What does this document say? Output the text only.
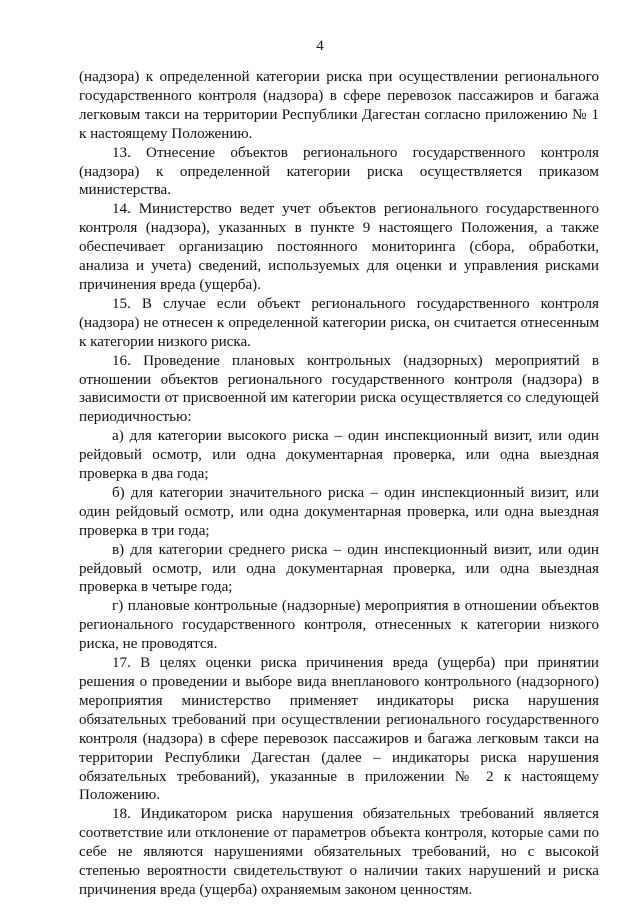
4

(надзора) к определенной категории риска при осуществлении регионального государственного контроля (надзора) в сфере перевозок пассажиров и багажа легковым такси на территории Республики Дагестан согласно приложению № 1 к настоящему Положению.

13. Отнесение объектов регионального государственного контроля (надзора) к определенной категории риска осуществляется приказом министерства.

14. Министерство ведет учет объектов регионального государственного контроля (надзора), указанных в пункте 9 настоящего Положения, а также обеспечивает организацию постоянного мониторинга (сбора, обработки, анализа и учета) сведений, используемых для оценки и управления рисками причинения вреда (ущерба).

15. В случае если объект регионального государственного контроля (надзора) не отнесен к определенной категории риска, он считается отнесенным к категории низкого риска.

16. Проведение плановых контрольных (надзорных) мероприятий в отношении объектов регионального государственного контроля (надзора) в зависимости от присвоенной им категории риска осуществляется со следующей периодичностью:

а) для категории высокого риска – один инспекционный визит, или один рейдовый осмотр, или одна документарная проверка, или одна выездная проверка в два года;

б) для категории значительного риска – один инспекционный визит, или один рейдовый осмотр, или одна документарная проверка, или одна выездная проверка в три года;

в) для категории среднего риска – один инспекционный визит, или один рейдовый осмотр, или одна документарная проверка, или одна выездная проверка в четыре года;

г) плановые контрольные (надзорные) мероприятия в отношении объектов регионального государственного контроля, отнесенных к категории низкого риска, не проводятся.

17. В целях оценки риска причинения вреда (ущерба) при принятии решения о проведении и выборе вида внепланового контрольного (надзорного) мероприятия министерство применяет индикаторы риска нарушения обязательных требований при осуществлении регионального государственного контроля (надзора) в сфере перевозок пассажиров и багажа легковым такси на территории Республики Дагестан (далее – индикаторы риска нарушения обязательных требований), указанные в приложении № 2 к настоящему Положению.

18. Индикатором риска нарушения обязательных требований является соответствие или отклонение от параметров объекта контроля, которые сами по себе не являются нарушениями обязательных требований, но с высокой степенью вероятности свидетельствуют о наличии таких нарушений и риска причинения вреда (ущерба) охраняемым законом ценностям.
